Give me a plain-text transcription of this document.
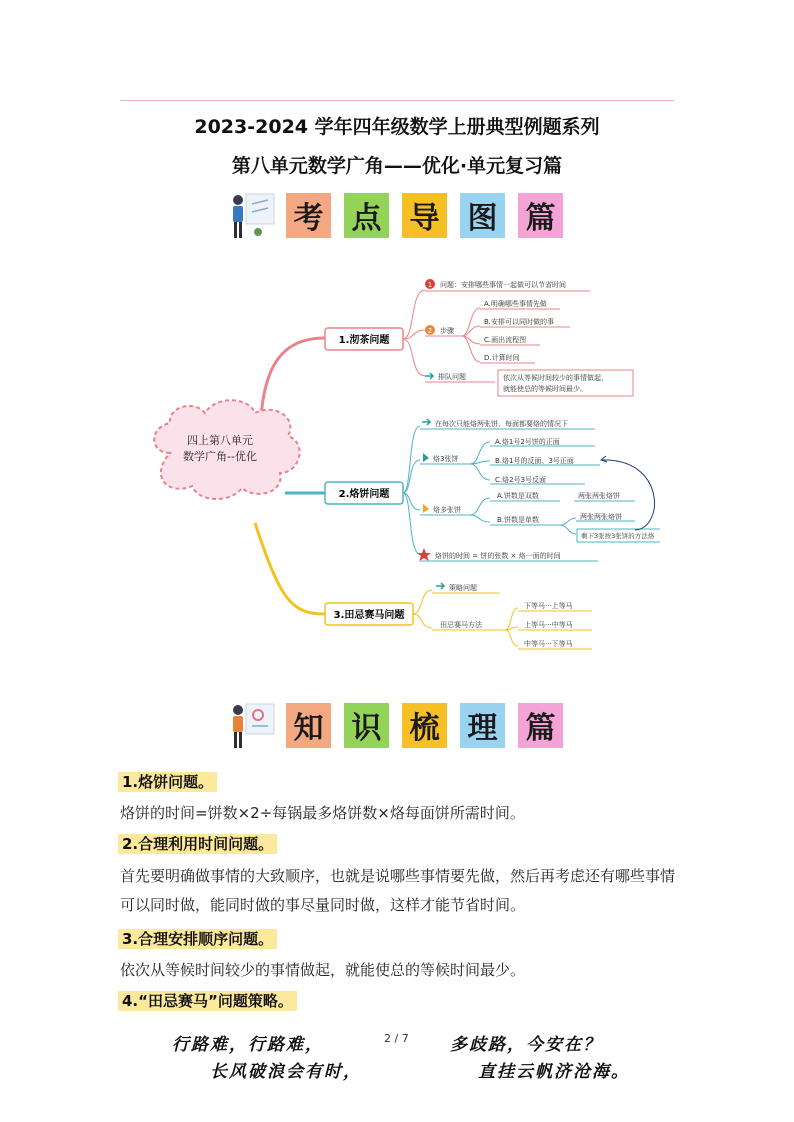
2023-2024 学年四年级数学上册典型例题系列
第八单元数学广角——优化·单元复习篇
考 点 导 图 篇
四上第八单元
数学广角--优化
1.沏茶问题
1 问题：安排哪些事情一起做可以节省时间
2 步骤
A.明确哪些事情先做
B.安排可以同时做的事
C.画出流程图
D.计算时间
排队问题	依次从等候时间较少的事情做起，
就能使总的等候时间最少。
2.烙饼问题
在每次只能烙两张饼、每面都要烙的情况下
烙3张饼
A.烙1号2号饼的正面
B.烙1号的反面、3号正面
C.烙2号3号反面
烙多张饼
A.饼数是双数	两张两张烙饼
B.饼数是单数	两张两张烙饼
剩下3张按3张饼的方法烙
烙饼的时间 = 饼的张数 × 烙一面的时间
3.田忌赛马问题
策略问题
田忌赛马方法
下等马···上等马
上等马···中等马
中等马···下等马
知 识 梳 理 篇
1.烙饼问题。
烙饼的时间=饼数×2÷每锅最多烙饼数×烙每面饼所需时间。
2.合理利用时间问题。
首先要明确做事情的大致顺序，也就是说哪些事情要先做，然后再考虑还有哪些事情可以同时做，能同时做的事尽量同时做，这样才能节省时间。
3.合理安排顺序问题。
依次从等候时间较少的事情做起，就能使总的等候时间最少。
4.“田忌赛马”问题策略。
行路难，行路难，	2 / 7 多歧路，今安在？
长风破浪会有时，	直挂云帆济沧海。
